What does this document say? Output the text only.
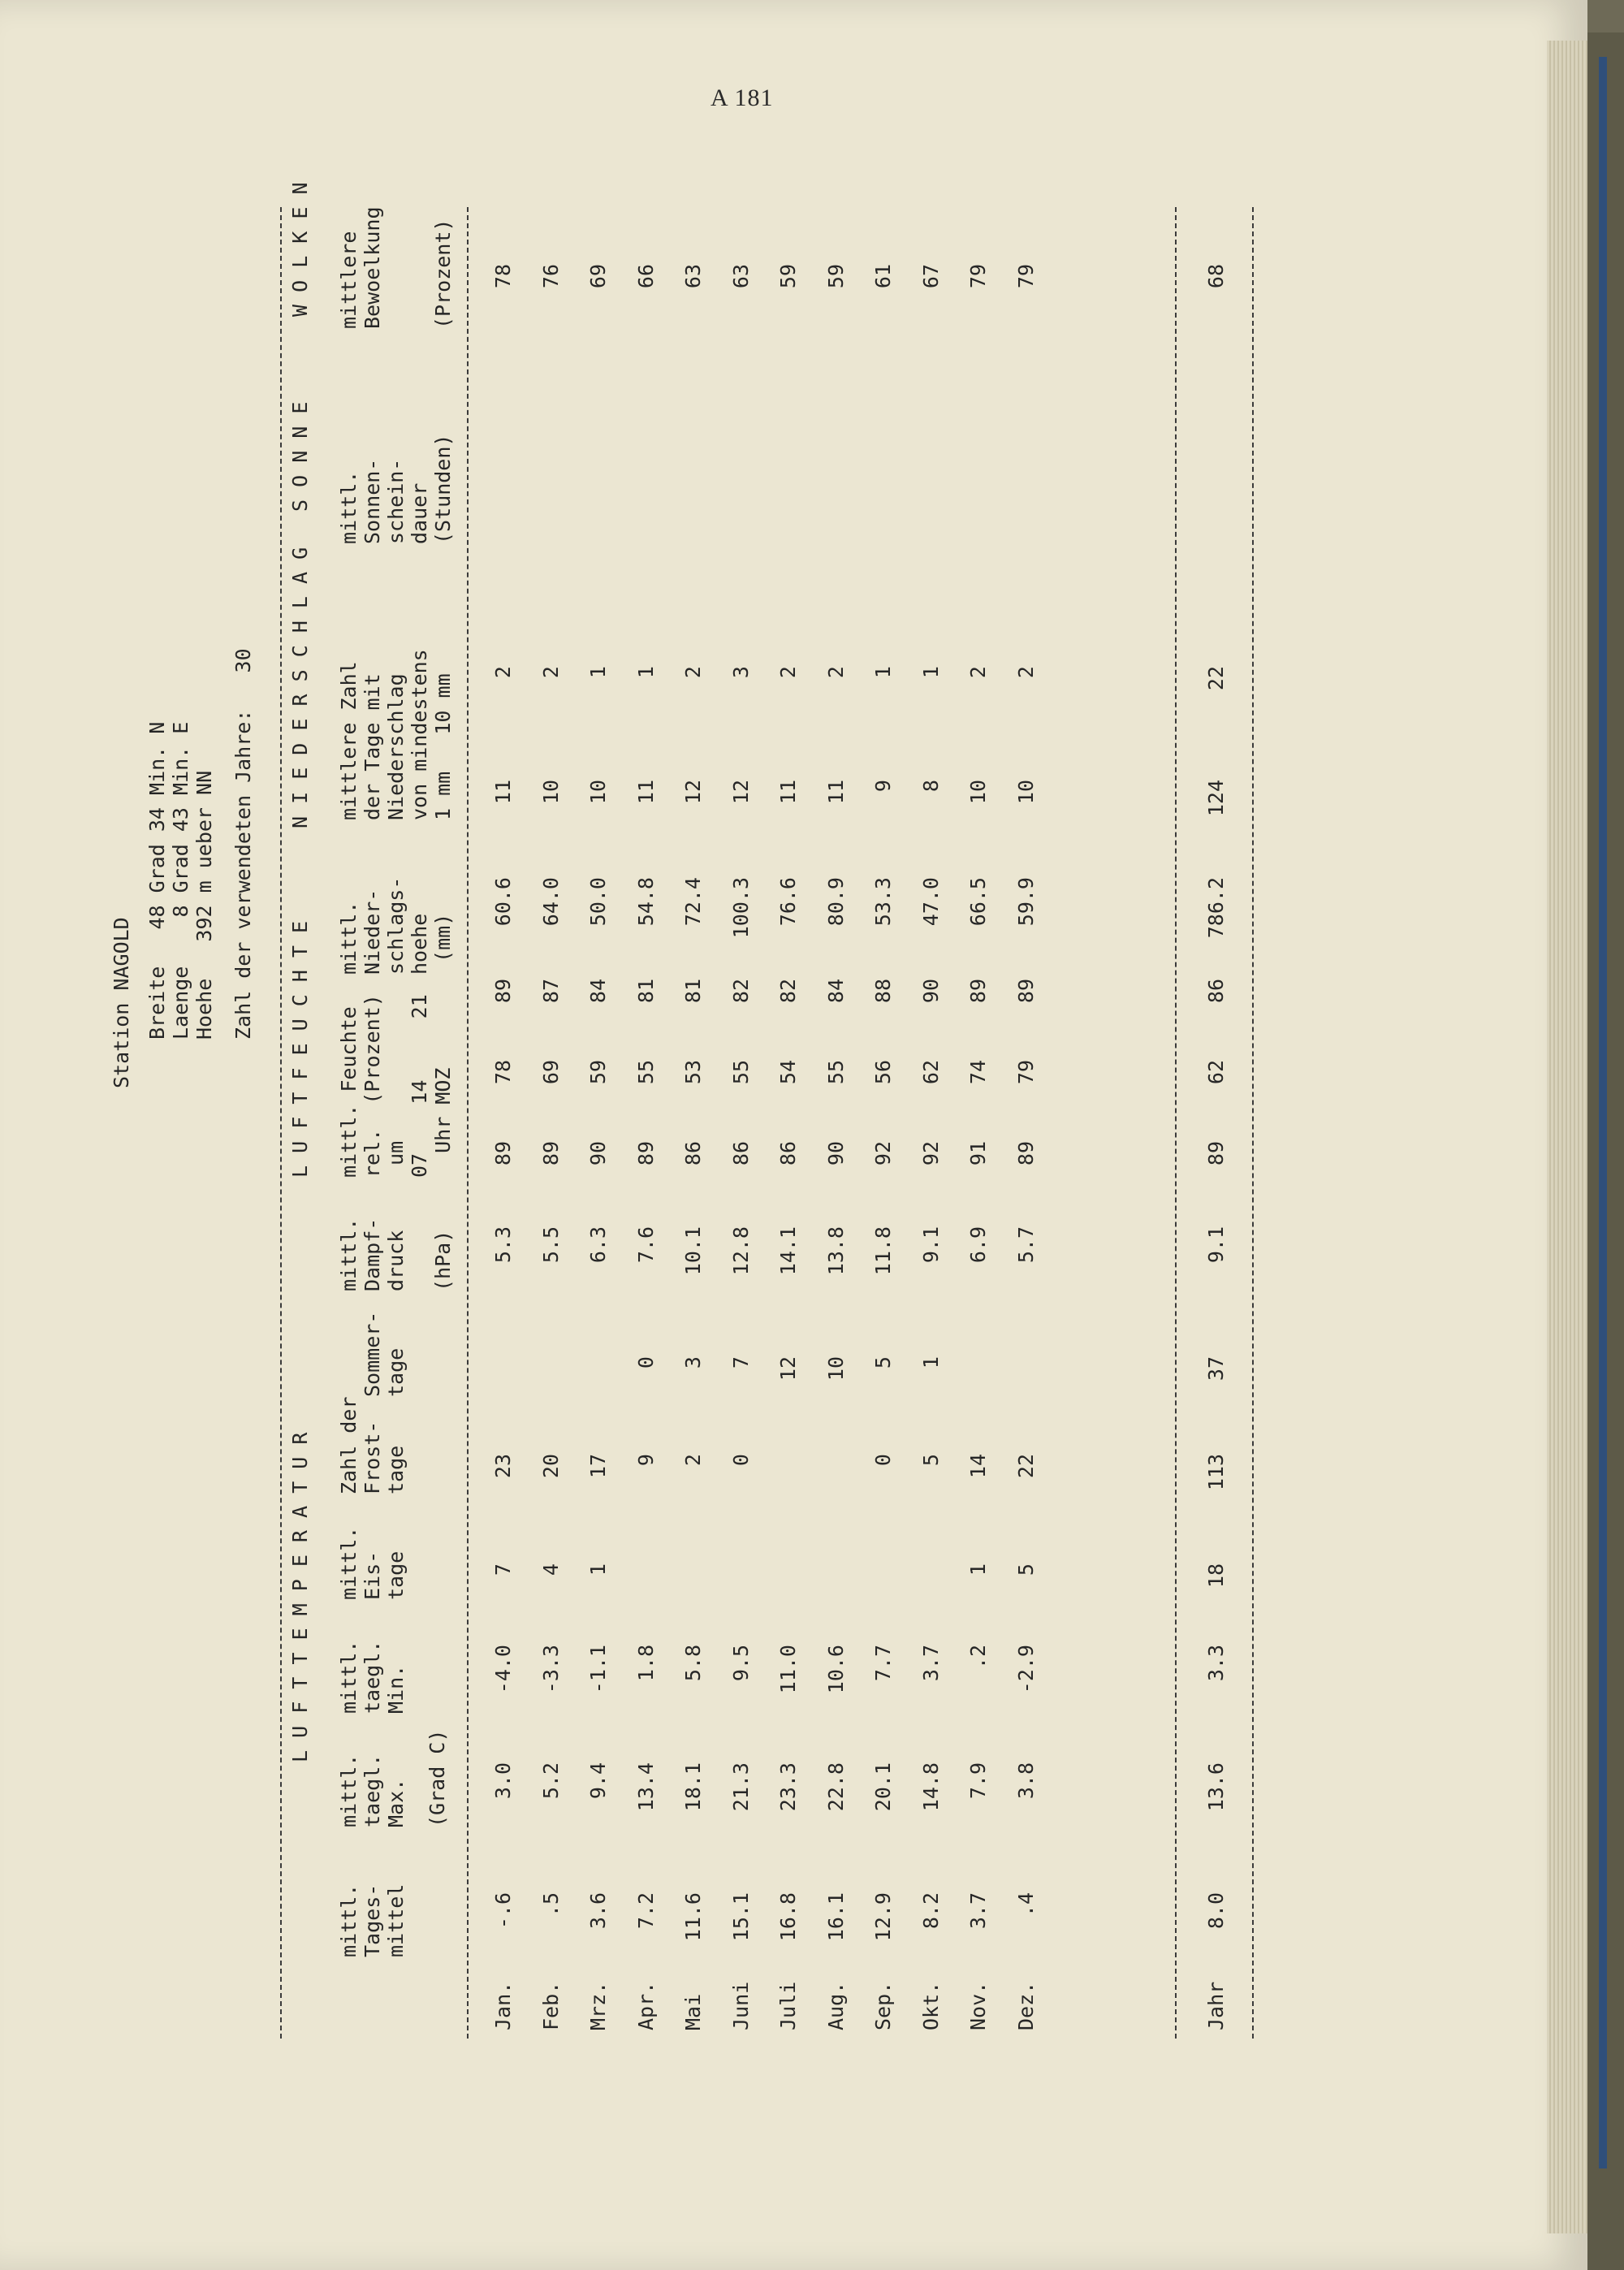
A 181
Station NAGOLD Breite   48 Grad 34 Min. N Laenge    8 Grad 43 Min. E Hoehe   392 m ueber NN Zahl der verwendeten Jahre:   30
L U F T T E M P E R A T U R
L U F T F E U C H T E
N I E D E R S C H L A G
S O N N E
W O L K E N
mittl.
Tages-
mittel
mittl.
taegl.
Max.
mittl.
taegl.
Min.
(Grad C)
mittl.
Eis-
tage
Zahl der
Frost-
tage

Sommer-
tage
mittl.
Dampf-
druck

(hPa)
mittl. Feuchte
rel.  (Prozent)
um
07    14     21
Uhr MOZ
mittl.
Nieder-
schlags-
hoehe
(mm)
mittlere Zahl
der Tage mit
Niederschlag
von mindestens
1 mm   10 mm
mittl.
Sonnen-
schein-
dauer
(Stunden)
mittlere
Bewoelkung

(Prozent)
Jan.
-.6
3.0
-4.0
7
23
5.3
89
78
89
60.6
11
2
78
Feb.
.5
5.2
-3.3
4
20
5.5
89
69
87
64.0
10
2
76
Mrz.
3.6
9.4
-1.1
1
17
6.3
90
59
84
50.0
10
1
69
Apr.
7.2
13.4
1.8
9
0
7.6
89
55
81
54.8
11
1
66
Mai
11.6
18.1
5.8
2
3
10.1
86
53
81
72.4
12
2
63
Juni
15.1
21.3
9.5
0
7
12.8
86
55
82
100.3
12
3
63
Juli
16.8
23.3
11.0
12
14.1
86
54
82
76.6
11
2
59
Aug.
16.1
22.8
10.6
10
13.8
90
55
84
80.9
11
2
59
Sep.
12.9
20.1
7.7
0
5
11.8
92
56
88
53.3
9
1
61
Okt.
8.2
14.8
3.7
5
1
9.1
92
62
90
47.0
8
1
67
Nov.
3.7
7.9
.2
1
14
6.9
91
74
89
66.5
10
2
79
Dez.
.4
3.8
-2.9
5
22
5.7
89
79
89
59.9
10
2
79
Jahr
8.0
13.6
3.3
18
113
37
9.1
89
62
86
786.2
124
22
68
